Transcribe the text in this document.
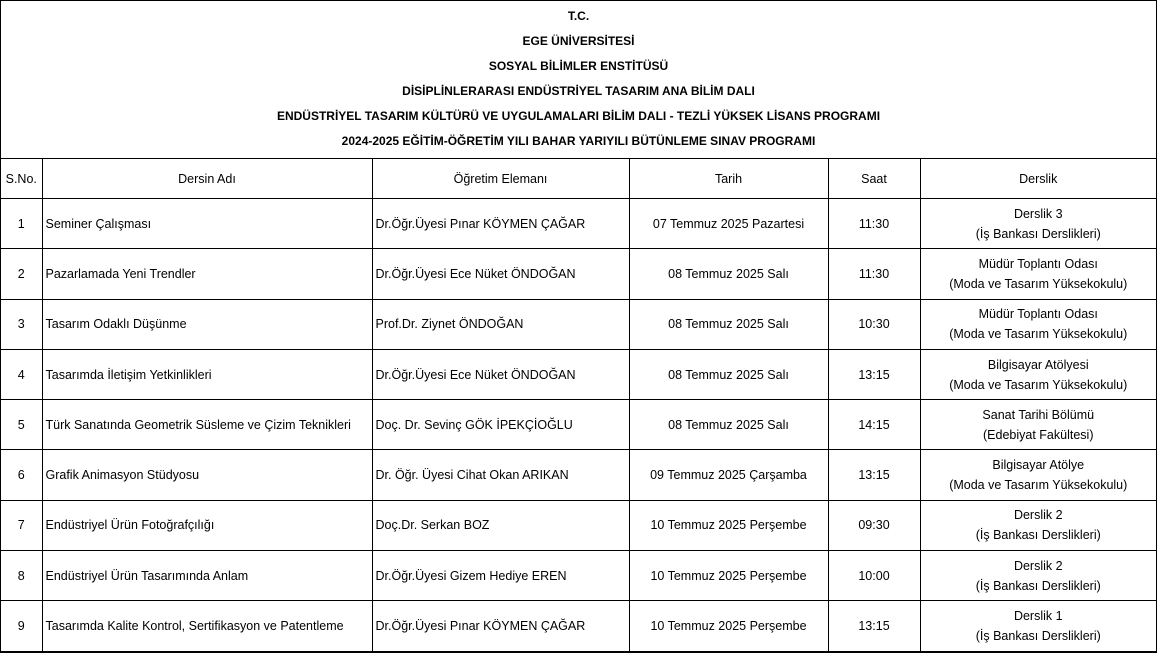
T.C.
EGE ÜNİVERSİTESİ
SOSYAL BİLİMLER ENSTİTÜSÜ
DİSİPLİNLERARASI ENDÜSTRİYEL TASARIM ANA BİLİM DALI
ENDÜSTRİYEL TASARIM KÜLTÜRÜ VE UYGULAMALARI BİLİM DALI - TEZLİ YÜKSEK LİSANS PROGRAMI
2024-2025 EĞİTİM-ÖĞRETİM YILI BAHAR YARIYILI BÜTÜNLEME SINAV PROGRAMI
S.No.	Dersin Adı	Öğretim Elemanı	Tarih	Saat	Derslik
1	Seminer Çalışması	Dr.Öğr.Üyesi Pınar KÖYMEN ÇAĞAR	07 Temmuz 2025 Pazartesi	11:30	Derslik 3
(İş Bankası Derslikleri)

2	Pazarlamada Yeni Trendler	Dr.Öğr.Üyesi Ece Nüket ÖNDOĞAN	08 Temmuz 2025 Salı	11:30	Müdür Toplantı Odası
(Moda ve Tasarım Yüksekokulu)

3	Tasarım Odaklı Düşünme	Prof.Dr. Ziynet ÖNDOĞAN	08 Temmuz 2025 Salı	10:30	Müdür Toplantı Odası
(Moda ve Tasarım Yüksekokulu)

4	Tasarımda İletişim Yetkinlikleri	Dr.Öğr.Üyesi Ece Nüket ÖNDOĞAN	08 Temmuz 2025 Salı	13:15	Bilgisayar Atölyesi
(Moda ve Tasarım Yüksekokulu)

5	Türk Sanatında Geometrik Süsleme ve Çizim Teknikleri	Doç. Dr. Sevinç GÖK İPEKÇİOĞLU	08 Temmuz 2025 Salı	14:15	Sanat Tarihi Bölümü
(Edebiyat Fakültesi)

6	Grafik Animasyon Stüdyosu	Dr. Öğr. Üyesi Cihat Okan ARIKAN	09 Temmuz 2025 Çarşamba	13:15	Bilgisayar Atölye
(Moda ve Tasarım Yüksekokulu)

7	Endüstriyel Ürün Fotoğrafçılığı	Doç.Dr. Serkan BOZ	10 Temmuz 2025 Perşembe	09:30	Derslik 2
(İş Bankası Derslikleri)

8	Endüstriyel Ürün Tasarımında Anlam	Dr.Öğr.Üyesi Gizem Hediye EREN	10 Temmuz 2025 Perşembe	10:00	Derslik 2
(İş Bankası Derslikleri)

9	Tasarımda Kalite Kontrol, Sertifikasyon ve Patentleme	Dr.Öğr.Üyesi Pınar KÖYMEN ÇAĞAR	10 Temmuz 2025 Perşembe	13:15	Derslik 1
(İş Bankası Derslikleri)
